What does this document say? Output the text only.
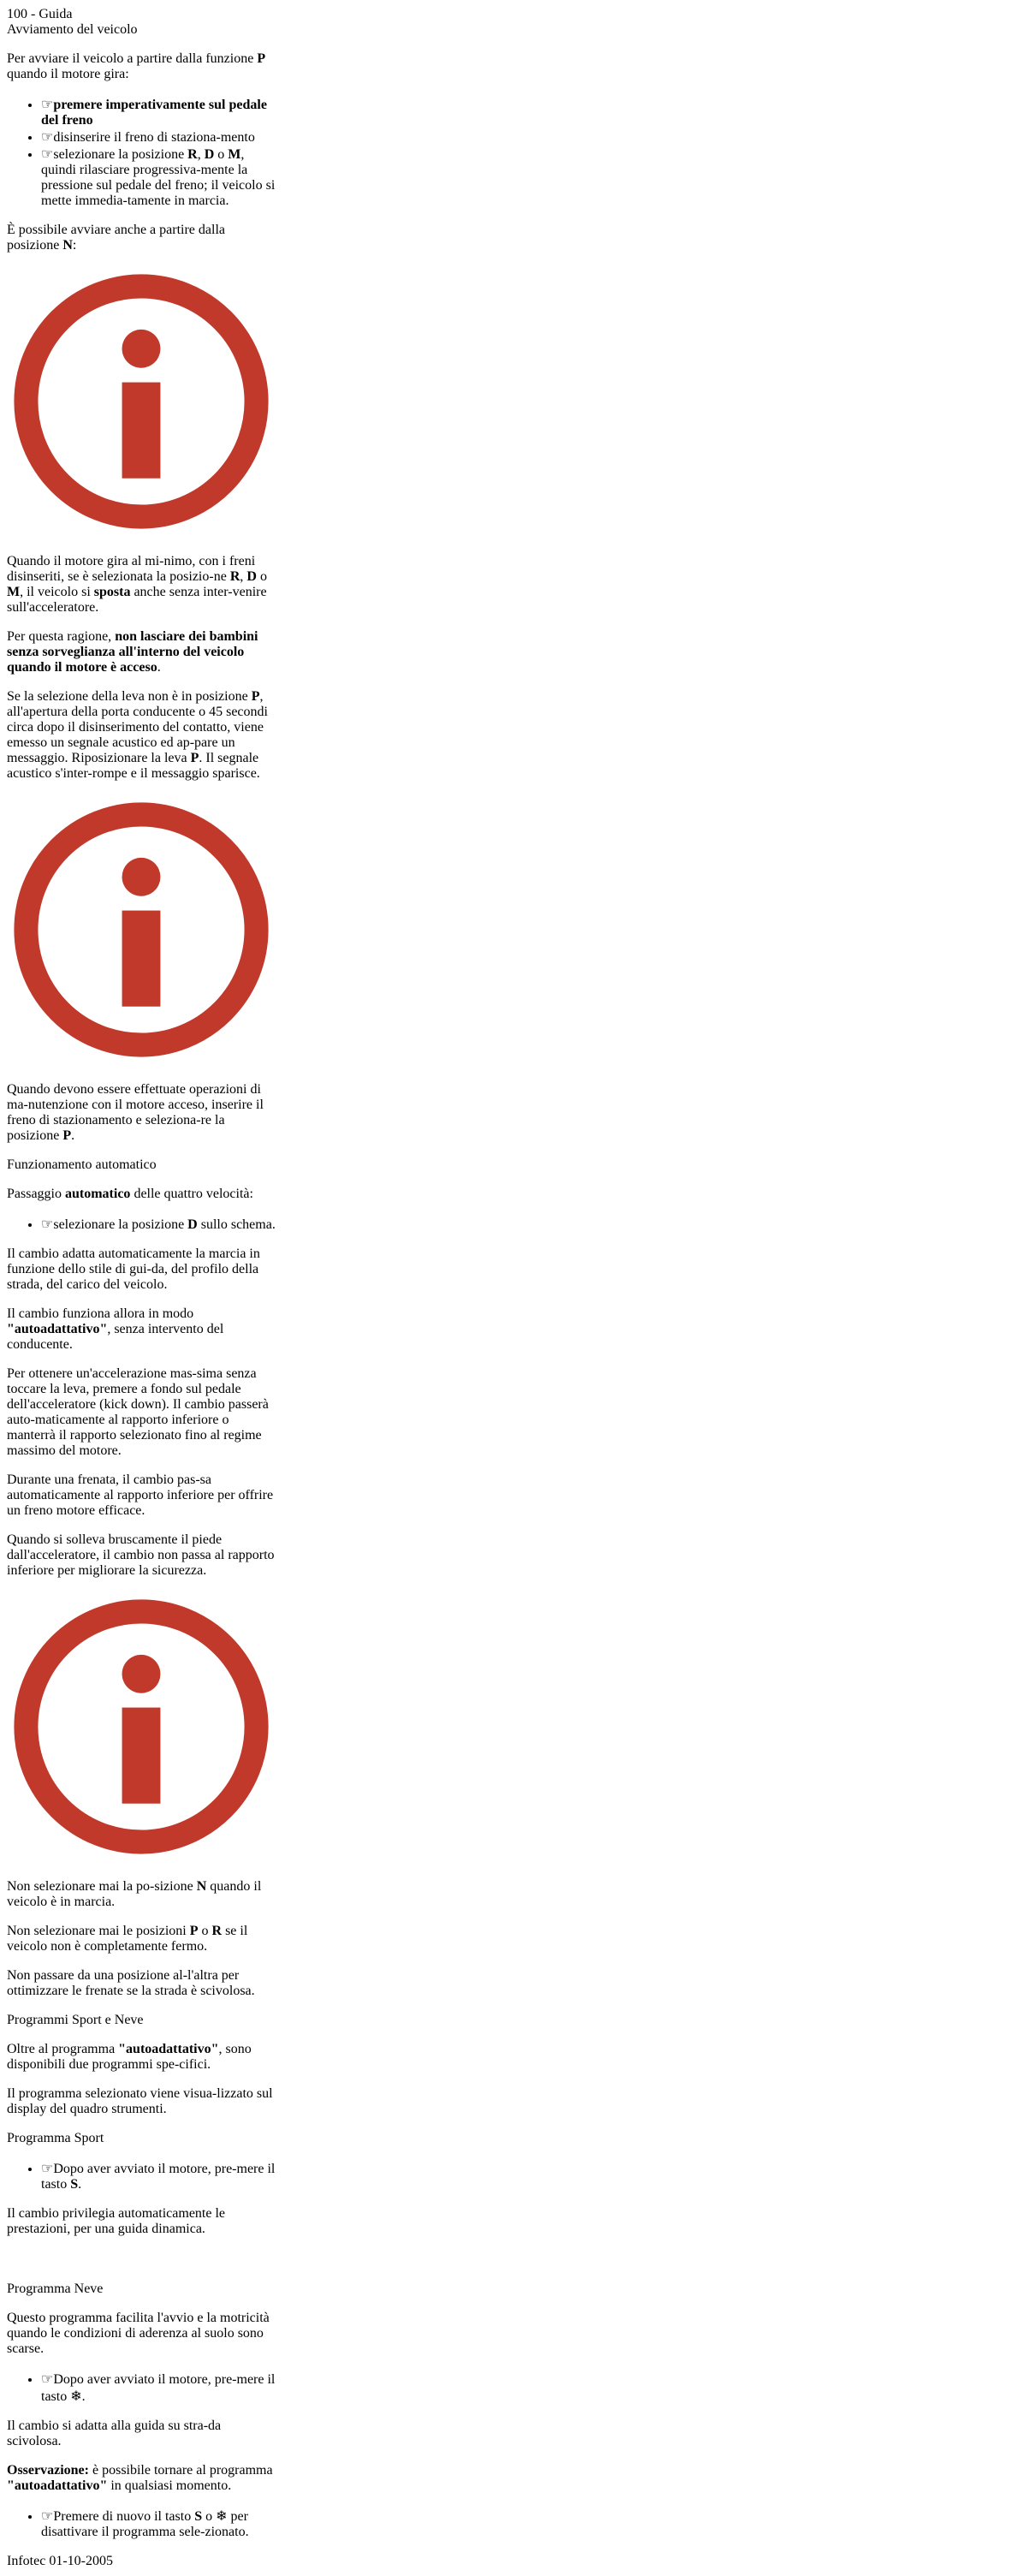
100 - Guida
Avviamento del veicolo

Per avviare il veicolo a partire dalla funzione P quando il motore gira:

• ☞premere imperativamente sul pedale del freno
• ☞disinserire il freno di staziona-mento
• ☞selezionare la posizione R, D o M, quindi rilasciare progressiva-mente la pressione sul pedale del freno; il veicolo si mette immedia-tamente in marcia.

È possibile avviare anche a partire dalla posizione N:

Quando il motore gira al mi-nimo, con i freni disinseriti, se è selezionata la posizio-ne R, D o M, il veicolo si sposta anche senza inter-venire sull'acceleratore.

Per questa ragione, non lasciare dei bambini senza sorveglianza all'interno del veicolo quando il motore è acceso.

Se la selezione della leva non è in posizione P, all'apertura della porta conducente o 45 secondi circa dopo il disinserimento del contatto, viene emesso un segnale acustico ed ap-pare un messaggio. Riposizionare la leva P. Il segnale acustico s'inter-rompe e il messaggio sparisce.

Quando devono essere effettuate operazioni di ma-nutenzione con il motore acceso, inserire il freno di stazionamento e seleziona-re la posizione P.

Funzionamento automatico

Passaggio automatico delle quattro velocità:

• ☞selezionare la posizione D sullo schema.

Il cambio adatta automaticamente la marcia in funzione dello stile di gui-da, del profilo della strada, del carico del veicolo.

Il cambio funziona allora in modo "autoadattativo", senza intervento del conducente.

Per ottenere un'accelerazione mas-sima senza toccare la leva, premere a fondo sul pedale dell'acceleratore (kick down). Il cambio passerà auto-maticamente al rapporto inferiore o manterrà il rapporto selezionato fino al regime massimo del motore.

Durante una frenata, il cambio pas-sa automaticamente al rapporto inferiore per offrire un freno motore efficace.

Quando si solleva bruscamente il piede dall'acceleratore, il cambio non passa al rapporto inferiore per migliorare la sicurezza.

Non selezionare mai la po-sizione N quando il veicolo è in marcia.

Non selezionare mai le posizioni P o R se il veicolo non è completamente fermo.

Non passare da una posizione al-l'altra per ottimizzare le frenate se la strada è scivolosa.

Programmi Sport e Neve

Oltre al programma "autoadattativo", sono disponibili due programmi spe-cifici.

Il programma selezionato viene visua-lizzato sul display del quadro strumenti.

Programma Sport
• ☞Dopo aver avviato il motore, pre-mere il tasto S.

Il cambio privilegia automaticamente le prestazioni, per una guida dinamica.

Programma Neve

Questo programma facilita l'avvio e la motricità quando le condizioni di aderenza al suolo sono scarse.

• ☞Dopo aver avviato il motore, pre-mere il tasto ❄.

Il cambio si adatta alla guida su stra-da scivolosa.

Osservazione: è possibile tornare al programma "autoadattativo" in qualsiasi momento.

• ☞Premere di nuovo il tasto S o ❄ per disattivare il programma sele-zionato.
Infotec 01-10-2005
